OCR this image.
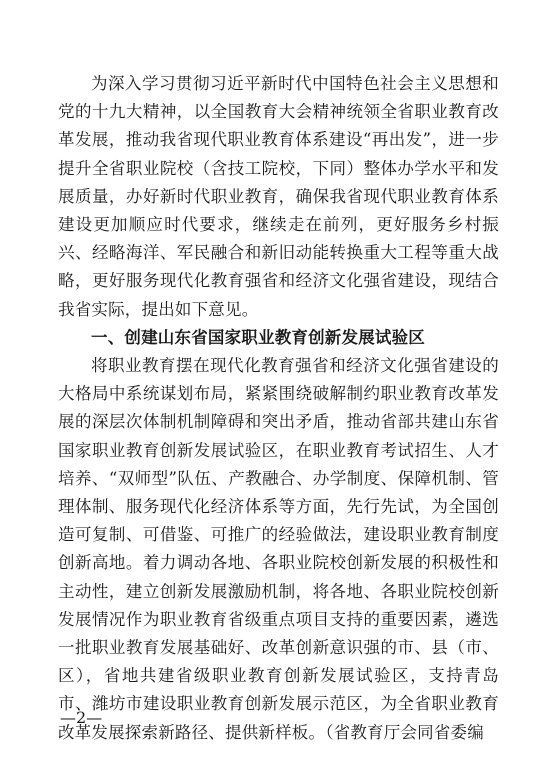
为深入学习贯彻习近平新时代中国特色社会主义思想和党的十九大精神，以全国教育大会精神统领全省职业教育改革发展，推动我省现代职业教育体系建设“再出发”，进一步提升全省职业院校（含技工院校，下同）整体办学水平和发展质量，办好新时代职业教育，确保我省现代职业教育体系建设更加顺应时代要求，继续走在前列，更好服务乡村振兴、经略海洋、军民融合和新旧动能转换重大工程等重大战略，更好服务现代化教育强省和经济文化强省建设，现结合我省实际，提出如下意见。

一、创建山东省国家职业教育创新发展试验区

将职业教育摆在现代化教育强省和经济文化强省建设的大格局中系统谋划布局，紧紧围绕破解制约职业教育改革发展的深层次体制机制障碍和突出矛盾，推动省部共建山东省国家职业教育创新发展试验区，在职业教育考试招生、人才培养、“双师型”队伍、产教融合、办学制度、保障机制、管理体制、服务现代化经济体系等方面，先行先试，为全国创造可复制、可借鉴、可推广的经验做法，建设职业教育制度创新高地。着力调动各地、各职业院校创新发展的积极性和主动性，建立创新发展激励机制，将各地、各职业院校创新发展情况作为职业教育省级重点项目支持的重要因素，遴选一批职业教育发展基础好、改革创新意识强的市、县（市、区），省地共建省级职业教育创新发展试验区，支持青岛市、潍坊市建设职业教育创新发展示范区，为全省职业教育改革发展探索新路径、提供新样板。（省教育厅会同省委编

—2—
